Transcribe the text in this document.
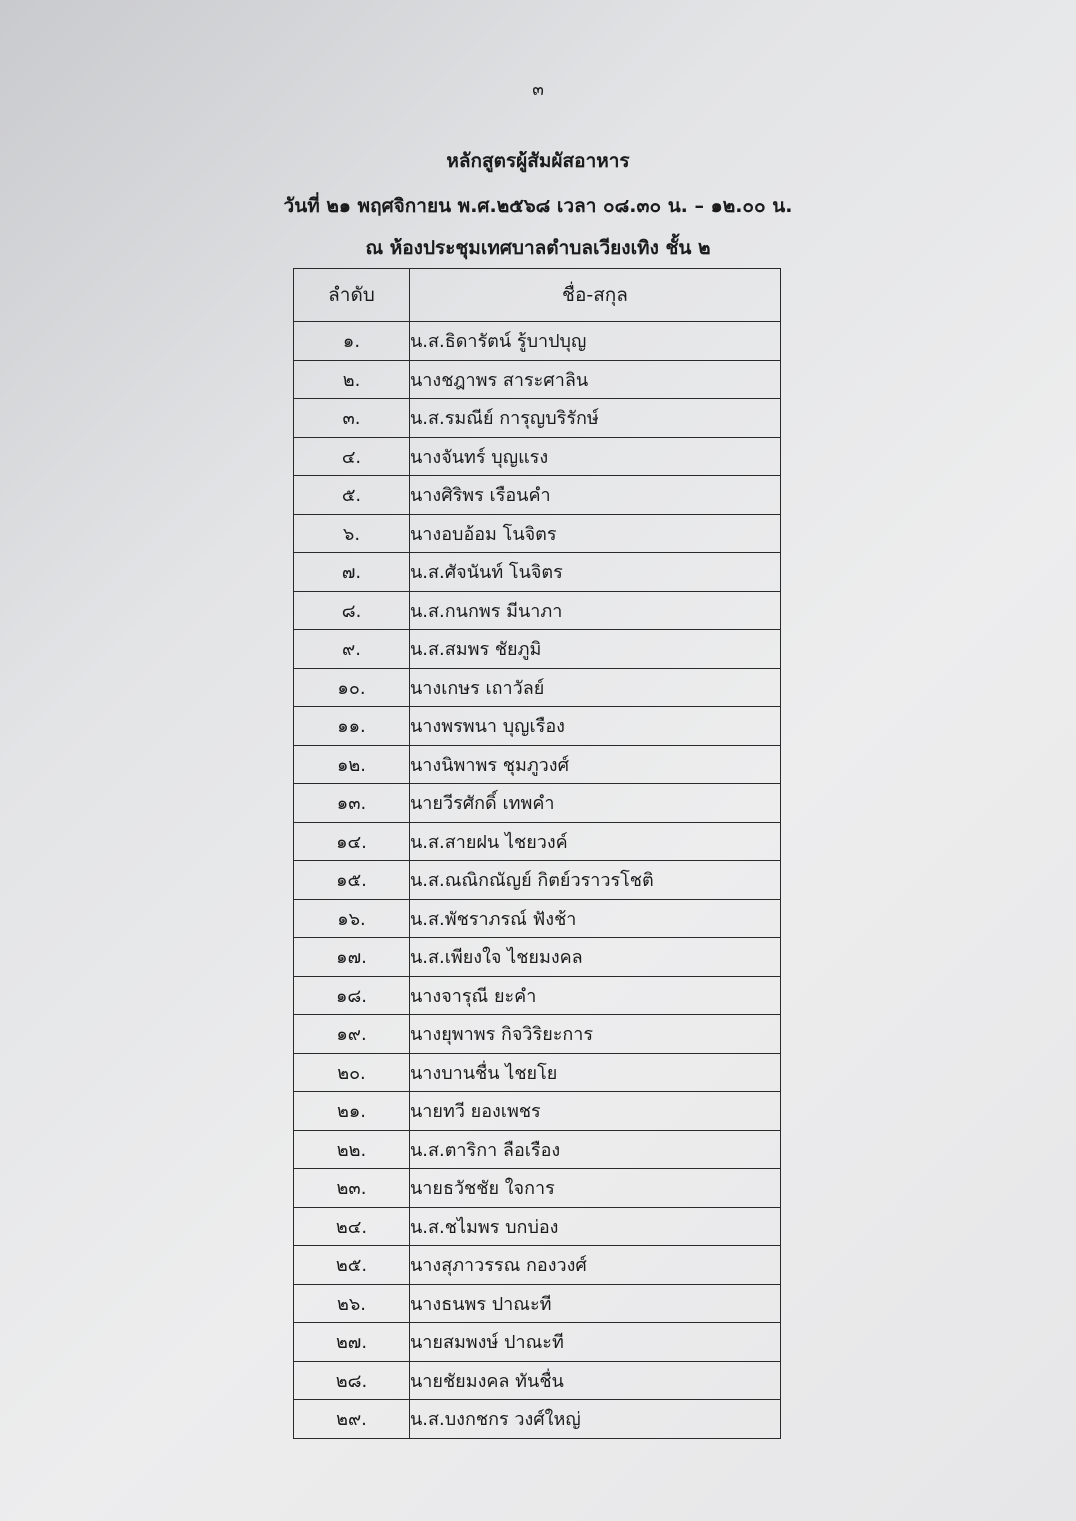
๓
หลักสูตรผู้สัมผัสอาหาร
วันที่ ๒๑ พฤศจิกายน พ.ศ.๒๕๖๘ เวลา ๐๘.๓๐ น. – ๑๒.๐๐ น.
ณ ห้องประชุมเทศบาลตำบลเวียงเทิง ชั้น ๒
ลำดับ	ชื่อ-สกุล
๑.	น.ส.ธิดารัตน์ รู้บาปบุญ
๒.	นางชฎาพร สาระศาลิน
๓.	น.ส.รมณีย์ การุญบริรักษ์
๔.	นางจันทร์ บุญแรง
๕.	นางศิริพร เรือนคำ
๖.	นางอบอ้อม โนจิตร
๗.	น.ส.ศัจนันท์ โนจิตร
๘.	น.ส.กนกพร มีนาภา
๙.	น.ส.สมพร ชัยภูมิ
๑๐.	นางเกษร เถาวัลย์
๑๑.	นางพรพนา บุญเรือง
๑๒.	นางนิพาพร ชุมภูวงศ์
๑๓.	นายวีรศักดิ์ เทพคำ
๑๔.	น.ส.สายฝน ไชยวงค์
๑๕.	น.ส.ณณิกณัญย์ กิตย์วราวรโชติ
๑๖.	น.ส.พัชราภรณ์ ฟังช้า
๑๗.	น.ส.เพียงใจ ไชยมงคล
๑๘.	นางจารุณี ยะคำ
๑๙.	นางยุพาพร กิจวิริยะการ
๒๐.	นางบานชื่น ไชยโย
๒๑.	นายทวี ยองเพชร
๒๒.	น.ส.ตาริกา ลือเรือง
๒๓.	นายธวัชชัย ใจการ
๒๔.	น.ส.ชไมพร บกบ่อง
๒๕.	นางสุภาวรรณ กองวงศ์
๒๖.	นางธนพร ปาณะที
๒๗.	นายสมพงษ์ ปาณะที
๒๘.	นายชัยมงคล ทันชื่น
๒๙.	น.ส.บงกชกร วงศ์ใหญ่
